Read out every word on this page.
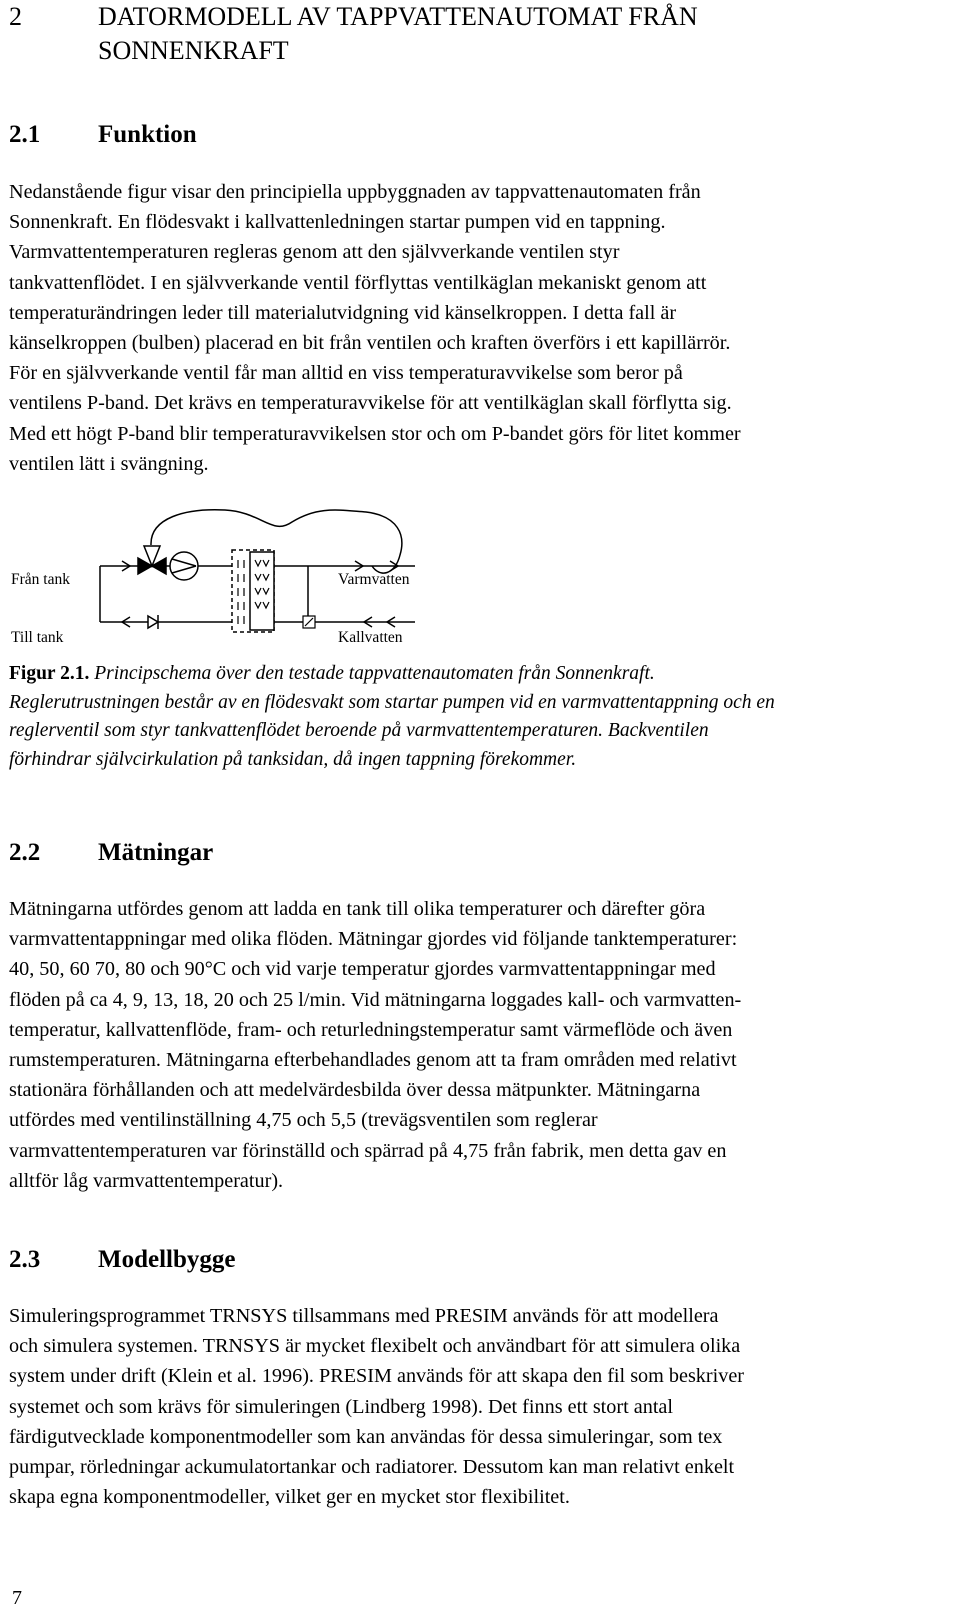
2	DATORMODELL AV TAPPVATTENAUTOMAT FRÅN
SONNENKRAFT
2.1 Funktion
Nedanstående figur visar den principiella uppbyggnaden av tappvattenautomaten från
Sonnenkraft. En flödesvakt i kallvattenledningen startar pumpen vid en tappning.
Varmvattentemperaturen regleras genom att den självverkande ventilen styr
tankvattenflödet. I en självverkande ventil förflyttas ventilkäglan mekaniskt genom att
temperaturändringen leder till materialutvidgning vid känselkroppen. I detta fall är
känselkroppen (bulben) placerad en bit från ventilen och kraften överförs i ett kapillärrör.
För en självverkande ventil får man alltid en viss temperaturavvikelse som beror på
ventilens P-band. Det krävs en temperaturavvikelse för att ventilkäglan skall förflytta sig.
Med ett högt P-band blir temperaturavvikelsen stor och om P-bandet görs för litet kommer
ventilen lätt i svängning.
Från tank
Till tank
Varmvatten
Kallvatten
Figur 2.1. Principschema över den testade tappvattenautomaten från Sonnenkraft.
Reglerutrustningen består av en flödesvakt som startar pumpen vid en varmvattentappning och en
reglerventil som styr tankvattenflödet beroende på varmvattentemperaturen. Backventilen
förhindrar självcirkulation på tanksidan, då ingen tappning förekommer.
2.2 Mätningar
Mätningarna utfördes genom att ladda en tank till olika temperaturer och därefter göra
varmvattentappningar med olika flöden. Mätningar gjordes vid följande tanktemperaturer:
40, 50, 60 70, 80 och 90°C och vid varje temperatur gjordes varmvattentappningar med
flöden på ca 4, 9, 13, 18, 20 och 25 l/min. Vid mätningarna loggades kall- och varmvatten-
temperatur, kallvattenflöde, fram- och returledningstemperatur samt värmeflöde och även
rumstemperaturen. Mätningarna efterbehandlades genom att ta fram områden med relativt
stationära förhållanden och att medelvärdesbilda över dessa mätpunkter. Mätningarna
utfördes med ventilinställning 4,75 och 5,5 (trevägsventilen som reglerar
varmvattentemperaturen var förinställd och spärrad på 4,75 från fabrik, men detta gav en
alltför låg varmvattentemperatur).
2.3 Modellbygge
Simuleringsprogrammet TRNSYS tillsammans med PRESIM används för att modellera
och simulera systemen. TRNSYS är mycket flexibelt och användbart för att simulera olika
system under drift (Klein et al. 1996). PRESIM används för att skapa den fil som beskriver
systemet och som krävs för simuleringen (Lindberg 1998). Det finns ett stort antal
färdigutvecklade komponentmodeller som kan användas för dessa simuleringar, som tex
pumpar, rörledningar ackumulatortankar och radiatorer. Dessutom kan man relativt enkelt
skapa egna komponentmodeller, vilket ger en mycket stor flexibilitet.
7
